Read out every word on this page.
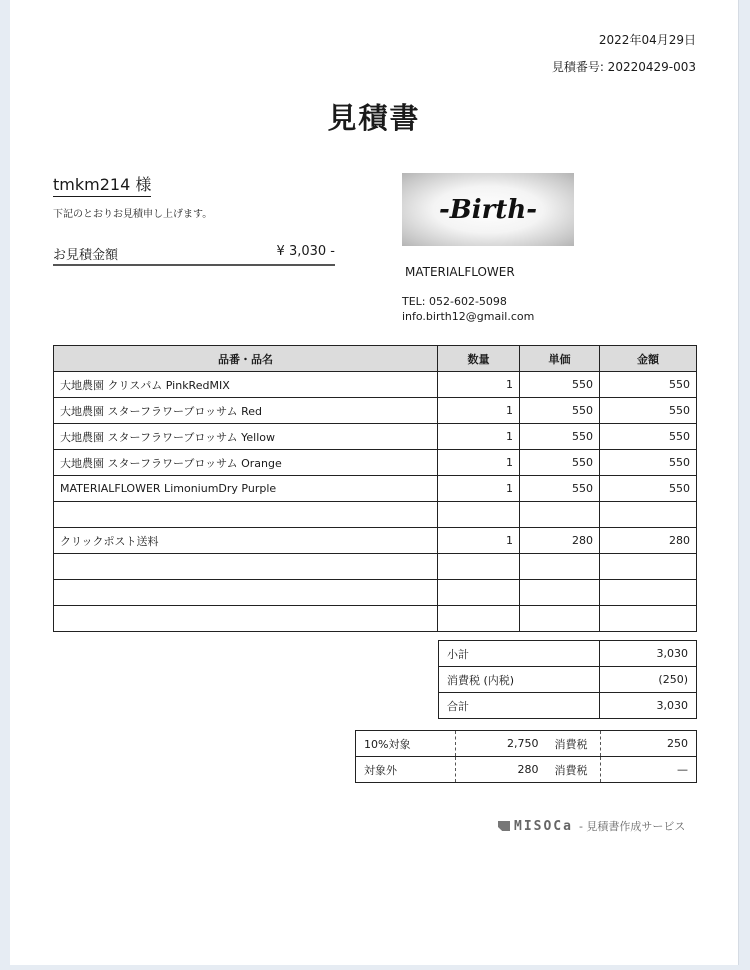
2022年04月29日
見積番号: 20220429-003
見積書
tmkm214 様
下記のとおりお見積申し上げます。
お見積金額	¥ 3,030 -
-Birth-
MATERIALFLOWER
TEL: 052-602-5098
info.birth12@gmail.com
品番・品名	数量	単価	金額
大地農園 クリスパム PinkRedMIX	1	550	550
大地農園 スターフラワーブロッサム Red	1	550	550
大地農園 スターフラワーブロッサム Yellow	1	550	550
大地農園 スターフラワーブロッサム Orange	1	550	550
MATERIALFLOWER LimoniumDry Purple	1	550	550

クリックポスト送料	1	280	280

小計	3,030
消費税 (内税)	(250)
合計	3,030
10%対象	2,750	消費税	250
対象外	280	消費税	—
MISOCa - 見積書作成サービス
